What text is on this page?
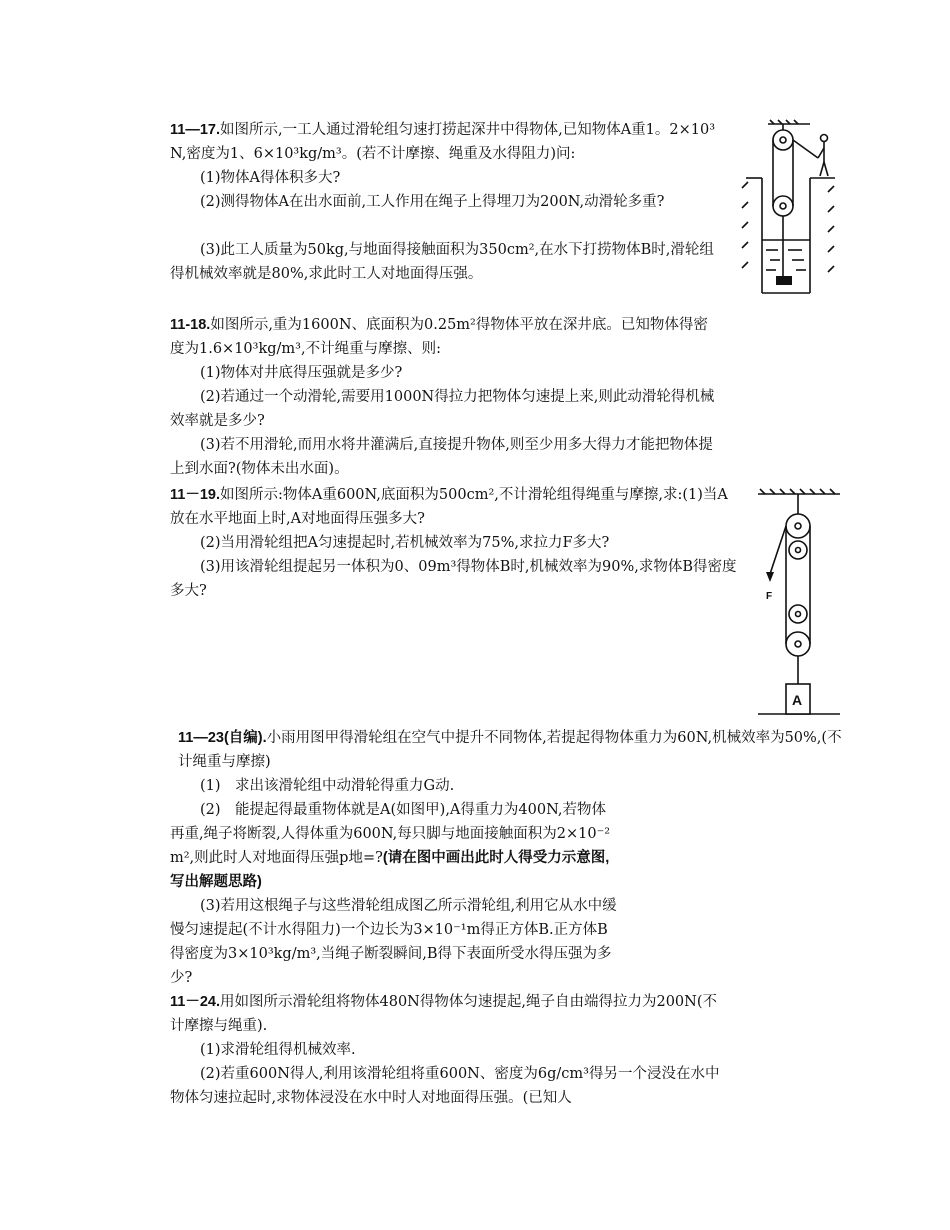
11—17.如图所示,一工人通过滑轮组匀速打捞起深井中得物体,已知物体A重1。2×10³N,密度为1、6×10³kg/m³。(若不计摩擦、绳重及水得阻力)问:

(1)物体A得体积多大?

(2)测得物体A在出水面前,工人作用在绳子上得埋刀为200N,动滑轮多重?

(3)此工人质量为50kg,与地面得接触面积为350cm²,在水下打捞物体B时,滑轮组得机械效率就是80%,求此时工人对地面得压强。

11-18.如图所示,重为1600N、底面积为0.25m²得物体平放在深井底。已知物体得密度为1.6×10³kg/m³,不计绳重与摩擦、则:

(1)物体对井底得压强就是多少?

(2)若通过一个动滑轮,需要用1000N得拉力把物体匀速提上来,则此动滑轮得机械效率就是多少?

(3)若不用滑轮,而用水将井灌满后,直接提升物体,则至少用多大得力才能把物体提上到水面?(物体未出水面)。

11－19.如图所示:物体A重600N,底面积为500cm²,不计滑轮组得绳重与摩擦,求:(1)当A放在水平地面上时,A对地面得压强多大?

(2)当用滑轮组把A匀速提起时,若机械效率为75%,求拉力F多大?

(3)用该滑轮组提起另一体积为0、09m³得物体B时,机械效率为90%,求物体B得密度多大?	F
A

11—23(自编).小雨用图甲得滑轮组在空气中提升不同物体,若提起得物体重力为60N,机械效率为50%,(不计绳重与摩擦)

(1)　求出该滑轮组中动滑轮得重力G动.

(2)　能提起得最重物体就是A(如图甲),A得重力为400N,若物体再重,绳子将断裂,人得体重为600N,每只脚与地面接触面积为2×10⁻²m²,则此时人对地面得压强p地=?(请在图中画出此时人得受力示意图,写出解题思路)

(3)若用这根绳子与这些滑轮组成图乙所示滑轮组,利用它从水中缓慢匀速提起(不计水得阻力)一个边长为3×10⁻¹m得正方体B.正方体B得密度为3×10³kg/m³,当绳子断裂瞬间,B得下表面所受水得压强为多少?

11－24.用如图所示滑轮组将物体480N得物体匀速提起,绳子自由端得拉力为200N(不计摩擦与绳重).

(1)求滑轮组得机械效率.

(2)若重600N得人,利用该滑轮组将重600N、密度为6g/cm³得另一个浸没在水中物体匀速拉起时,求物体浸没在水中时人对地面得压强。(已知人
